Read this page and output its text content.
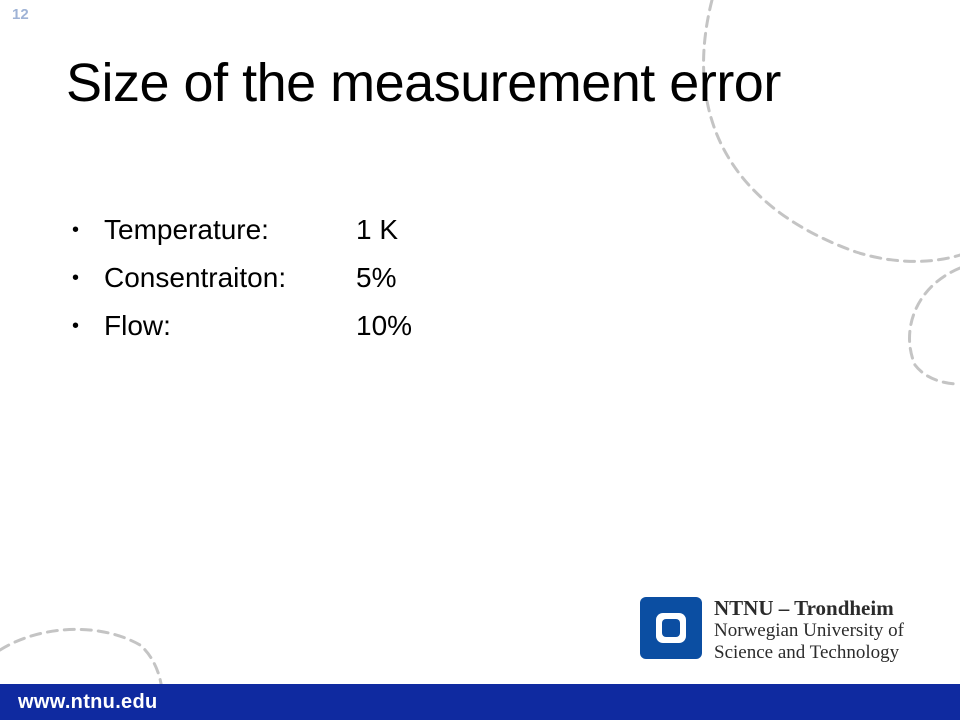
12
Size of the measurement error
• Temperature:	1 K
• Consentraiton:	5%
• Flow:	10%
NTNU – Trondheim
Norwegian University of
Science and Technology
www.ntnu.edu
